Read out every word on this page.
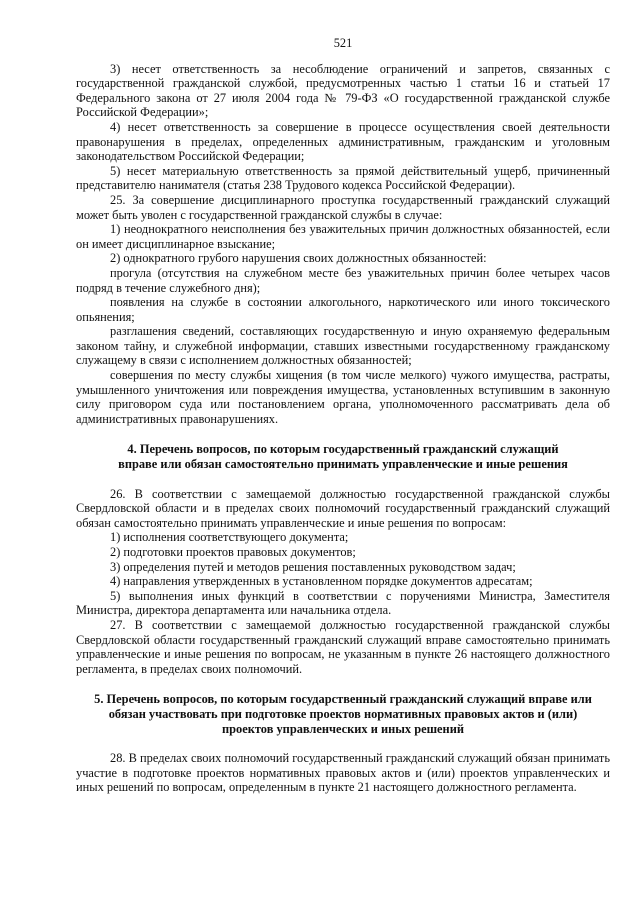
521

3) несет ответственность за несоблюдение ограничений и запретов, связанных с государственной гражданской службой, предусмотренных частью 1 статьи 16 и статьей 17 Федерального закона от 27 июля 2004 года № 79-ФЗ «О государственной гражданской службе Российской Федерации»;

4) несет ответственность за совершение в процессе осуществления своей деятельности правонарушения в пределах, определенных административным, гражданским и уголовным законодательством Российской Федерации;

5) несет материальную ответственность за прямой действительный ущерб, причиненный представителю нанимателя (статья 238 Трудового кодекса Российской Федерации).

25. За совершение дисциплинарного проступка государственный гражданский служащий может быть уволен с государственной гражданской службы в случае:

1) неоднократного неисполнения без уважительных причин должностных обязанностей, если он имеет дисциплинарное взыскание;

2) однократного грубого нарушения своих должностных обязанностей:

прогула (отсутствия на служебном месте без уважительных причин более четырех часов подряд в течение служебного дня);

появления на службе в состоянии алкогольного, наркотического или иного токсического опьянения;

разглашения сведений, составляющих государственную и иную охраняемую федеральным законом тайну, и служебной информации, ставших известными государственному гражданскому служащему в связи с исполнением должностных обязанностей;

совершения по месту службы хищения (в том числе мелкого) чужого имущества, растраты, умышленного уничтожения или повреждения имущества, установленных вступившим в законную силу приговором суда или постановлением органа, уполномоченного рассматривать дела об административных правонарушениях.

4. Перечень вопросов, по которым государственный гражданский служащий
вправе или обязан самостоятельно принимать управленческие и иные решения

26. В соответствии с замещаемой должностью государственной гражданской службы Свердловской области и в пределах своих полномочий государственный гражданский служащий обязан самостоятельно принимать управленческие и иные решения по вопросам:

1) исполнения соответствующего документа;

2) подготовки проектов правовых документов;

3) определения путей и методов решения поставленных руководством задач;

4) направления утвержденных в установленном порядке документов адресатам;

5) выполнения иных функций в соответствии с поручениями Министра, Заместителя Министра, директора департамента или начальника отдела.

27. В соответствии с замещаемой должностью государственной гражданской службы Свердловской области государственный гражданский служащий вправе самостоятельно принимать управленческие и иные решения по вопросам, не указанным в пункте 26 настоящего должностного регламента, в пределах своих полномочий.

5. Перечень вопросов, по которым государственный гражданский служащий вправе или
обязан участвовать при подготовке проектов нормативных правовых актов и (или)
проектов управленческих и иных решений

28. В пределах своих полномочий государственный гражданский служащий обязан принимать участие в подготовке проектов нормативных правовых актов и (или) проектов управленческих и иных решений по вопросам, определенным в пункте 21 настоящего должностного регламента.
